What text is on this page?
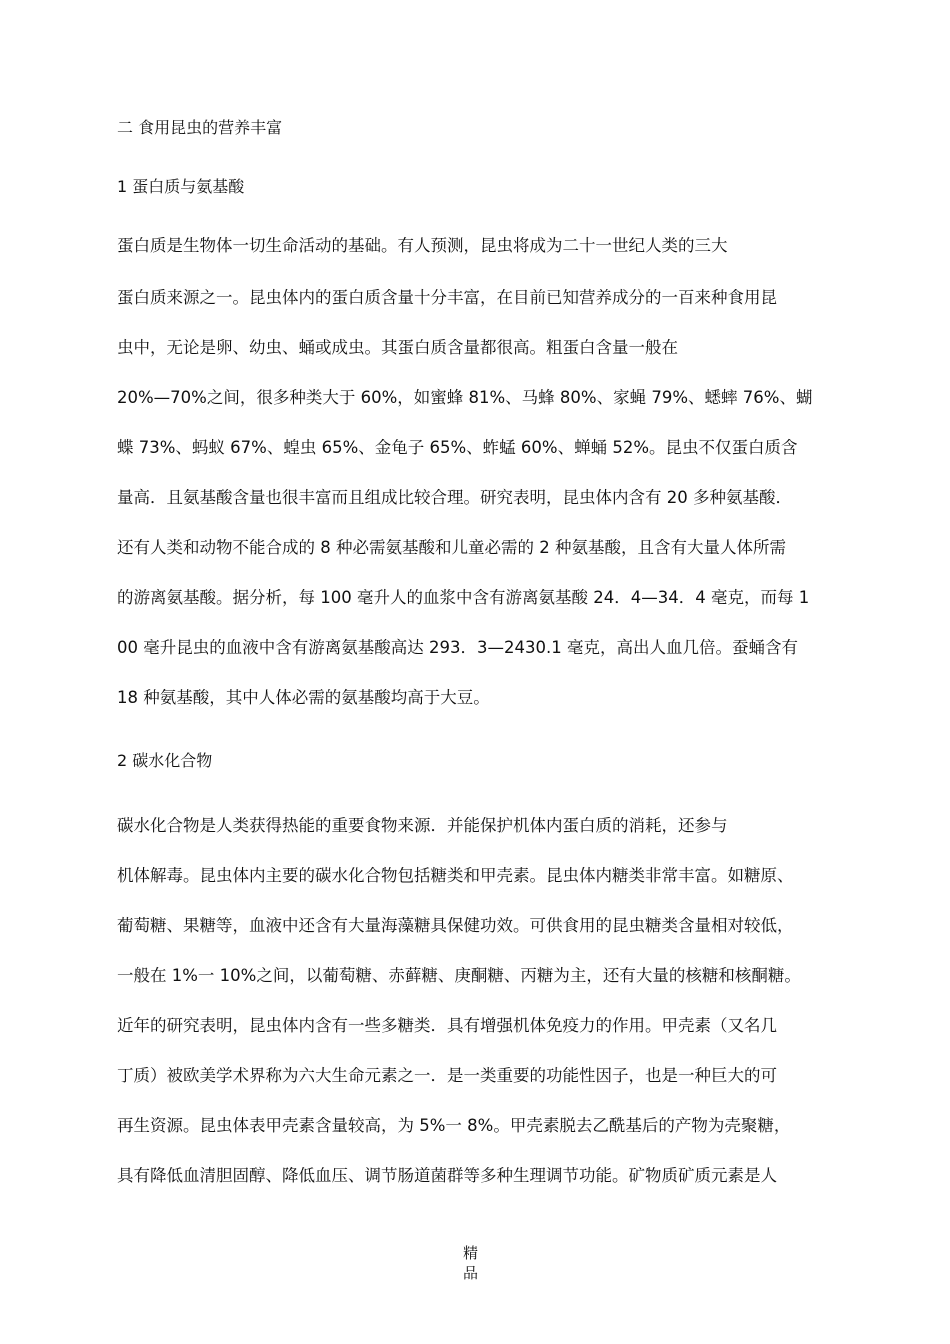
二 食用昆虫的营养丰富
1 蛋白质与氨基酸
蛋白质是生物体一切生命活动的基础。有人预测，昆虫将成为二十一世纪人类的三大
蛋白质来源之一。昆虫体内的蛋白质含量十分丰富，在目前已知营养成分的一百来种食用昆
虫中，无论是卵、幼虫、蛹或成虫。其蛋白质含量都很高。粗蛋白含量一般在
20%—70%之间，很多种类大于 60%，如蜜蜂 81%、马蜂 80%、家蝇 79%、蟋蟀 76%、蝴
蝶 73%、蚂蚁 67%、蝗虫 65%、金龟子 65%、蚱蜢 60%、蝉蛹 52%。昆虫不仅蛋白质含
量高．且氨基酸含量也很丰富而且组成比较合理。研究表明，昆虫体内含有 20 多种氨基酸．
还有人类和动物不能合成的 8 种必需氨基酸和儿童必需的 2 种氨基酸，且含有大量人体所需
的游离氨基酸。据分析，每 100 毫升人的血浆中含有游离氨基酸 24．4—34．4 毫克，而每 1
00 毫升昆虫的血液中含有游离氨基酸高达 293．3—2430.1 毫克，高出人血几倍。蚕蛹含有
18 种氨基酸，其中人体必需的氨基酸均高于大豆。
2 碳水化合物
碳水化合物是人类获得热能的重要食物来源．并能保护机体内蛋白质的消耗，还参与
机体解毒。昆虫体内主要的碳水化合物包括糖类和甲壳素。昆虫体内糖类非常丰富。如糖原、
葡萄糖、果糖等，血液中还含有大量海藻糖具保健功效。可供食用的昆虫糖类含量相对较低，
一般在 1%一 10%之间，以葡萄糖、赤藓糖、庚酮糖、丙糖为主，还有大量的核糖和核酮糖。
近年的研究表明，昆虫体内含有一些多糖类．具有增强机体免疫力的作用。甲壳素（又名几
丁质）被欧美学术界称为六大生命元素之一．是一类重要的功能性因子，也是一种巨大的可
再生资源。昆虫体表甲壳素含量较高，为 5%一 8%。甲壳素脱去乙酰基后的产物为壳聚糖，
具有降低血清胆固醇、降低血压、调节肠道菌群等多种生理调节功能。矿物质矿质元素是人
精
品
